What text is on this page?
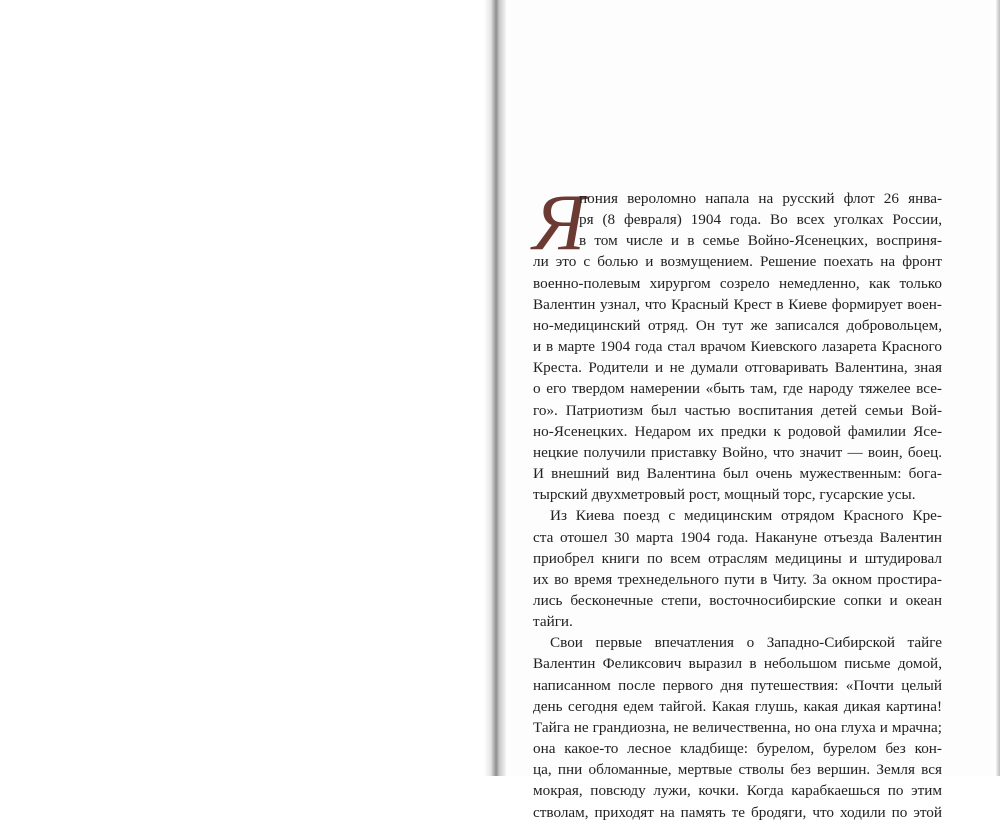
Я
пония вероломно напала на русский флот 26 янва-
ря (8 февраля) 1904 года. Во всех уголках России,
в том числе и в семье Войно-Ясенецких, восприня-
ли это с болью и возмущением. Решение поехать на фронт
военно-полевым хирургом созрело немедленно, как только
Валентин узнал, что Красный Крест в Киеве формирует воен-
но-медицинский отряд. Он тут же записался добровольцем,
и в марте 1904 года стал врачом Киевского лазарета Красного
Креста. Родители и не думали отговаривать Валентина, зная
о его твердом намерении «быть там, где народу тяжелее все-
го». Патриотизм был частью воспитания детей семьи Вой-
но-Ясенецких. Недаром их предки к родовой фамилии Ясе-
нецкие получили приставку Войно, что значит — воин, боец.
И внешний вид Валентина был очень мужественным: бога-
тырский двухметровый рост, мощный торс, гусарские усы.
Из Киева поезд с медицинским отрядом Красного Кре-
ста отошел 30 марта 1904 года. Накануне отъезда Валентин
приобрел книги по всем отраслям медицины и штудировал
их во время трехнедельного пути в Читу. За окном простира-
лись бесконечные степи, восточносибирские сопки и океан
тайги.
Свои первые впечатления о Западно-Сибирской тайге
Валентин Феликсович выразил в небольшом письме домой,
написанном после первого дня путешествия: «Почти целый
день сегодня едем тайгой. Какая глушь, какая дикая картина!
Тайга не грандиозна, не величественна, но она глуха и мрачна;
она какое-то лесное кладбище: бурелом, бурелом без кон-
ца, пни обломанные, мертвые стволы без вершин. Земля вся
мокрая, повсюду лужи, кочки. Когда карабкаешься по этим
стволам, приходят на память те бродяги, что ходили по этой
